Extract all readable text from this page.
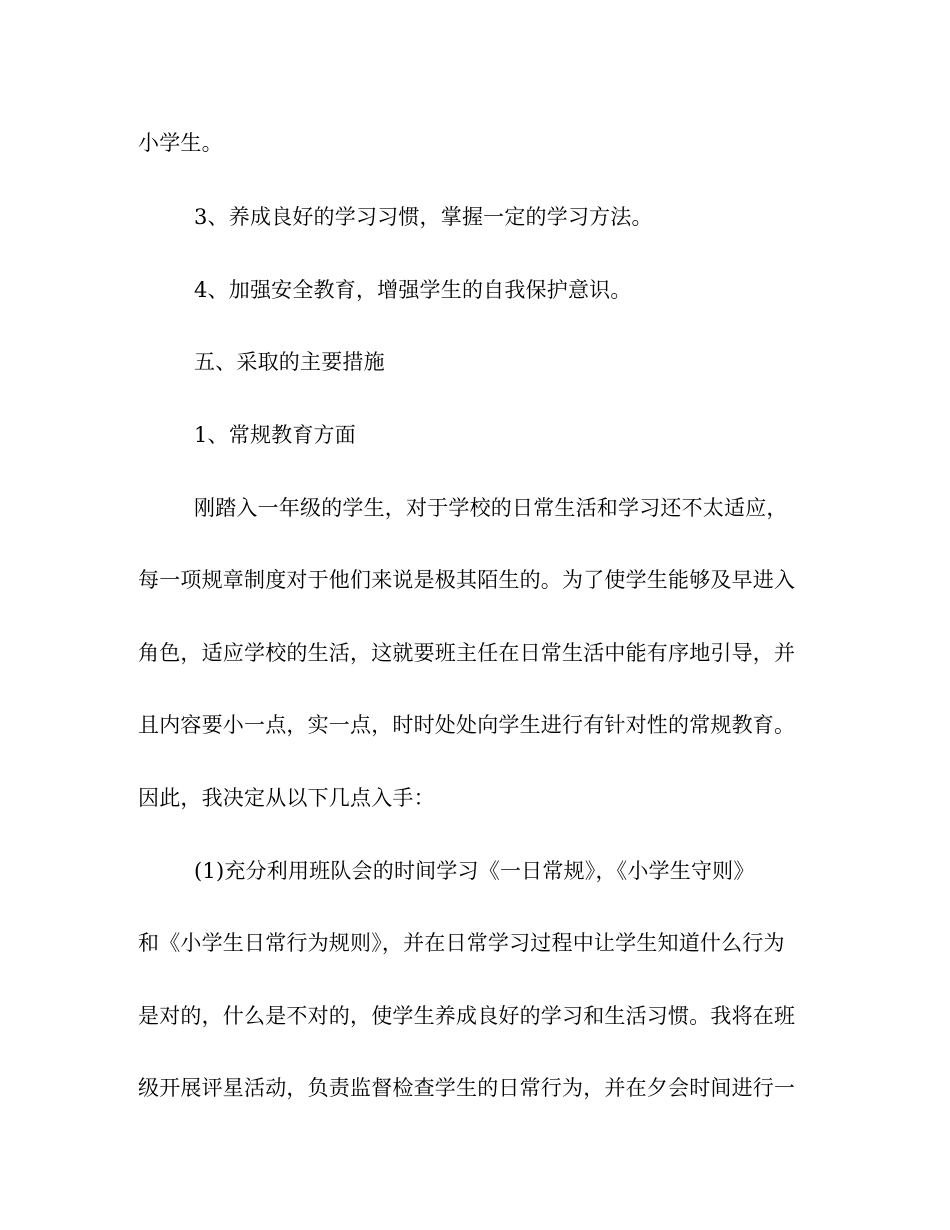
小学生。
3、养成良好的学习习惯，掌握一定的学习方法。
4、加强安全教育，增强学生的自我保护意识。
五、采取的主要措施
1、常规教育方面
刚踏入一年级的学生，对于学校的日常生活和学习还不太适应，
每一项规章制度对于他们来说是极其陌生的。为了使学生能够及早进入
角色，适应学校的生活，这就要班主任在日常生活中能有序地引导，并
且内容要小一点，实一点，时时处处向学生进行有针对性的常规教育。
因此，我决定从以下几点入手：
(1)充分利用班队会的时间学习《一日常规》，《小学生守则》
和《小学生日常行为规则》，并在日常学习过程中让学生知道什么行为
是对的，什么是不对的，使学生养成良好的学习和生活习惯。我将在班
级开展评星活动，负责监督检查学生的日常行为，并在夕会时间进行一
